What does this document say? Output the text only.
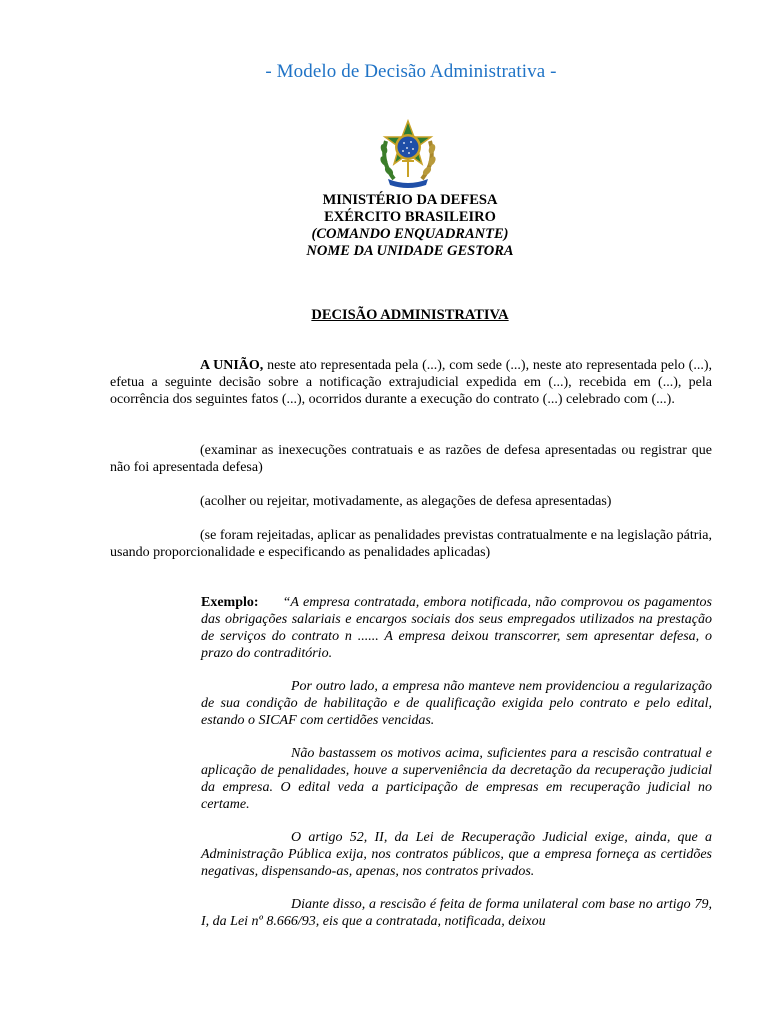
- Modelo de Decisão Administrativa -
MINISTÉRIO DA DEFESA
EXÉRCITO BRASILEIRO
(COMANDO ENQUADRANTE)
NOME DA UNIDADE GESTORA
DECISÃO ADMINISTRATIVA
A UNIÃO, neste ato representada pela (...), com sede (...), neste ato representada pelo (...), efetua a seguinte decisão sobre a notificação extrajudicial expedida em (...), recebida em (...), pela ocorrência dos seguintes fatos (...), ocorridos durante a execução do contrato (...) celebrado com (...).
(examinar as inexecuções contratuais e as razões de defesa apresentadas ou registrar que não foi apresentada defesa)
(acolher ou rejeitar, motivadamente, as alegações de defesa apresentadas)
(se foram rejeitadas, aplicar as penalidades previstas contratualmente e na legislação pátria, usando proporcionalidade e especificando as penalidades aplicadas)
Exemplo: “A empresa contratada, embora notificada, não comprovou os pagamentos das obrigações salariais e encargos sociais dos seus empregados utilizados na prestação de serviços do contrato n ...... A empresa deixou transcorrer, sem apresentar defesa, o prazo do contraditório.
Por outro lado, a empresa não manteve nem providenciou a regularização de sua condição de habilitação e de qualificação exigida pelo contrato e pelo edital, estando o SICAF com certidões vencidas.
Não bastassem os motivos acima, suficientes para a rescisão contratual e aplicação de penalidades, houve a superveniência da decretação da recuperação judicial da empresa. O edital veda a participação de empresas em recuperação judicial no certame.
O artigo 52, II, da Lei de Recuperação Judicial exige, ainda, que a Administração Pública exija, nos contratos públicos, que a empresa forneça as certidões negativas, dispensando-as, apenas, nos contratos privados.
Diante disso, a rescisão é feita de forma unilateral com base no artigo 79, I, da Lei nº 8.666/93, eis que a contratada, notificada, deixou
